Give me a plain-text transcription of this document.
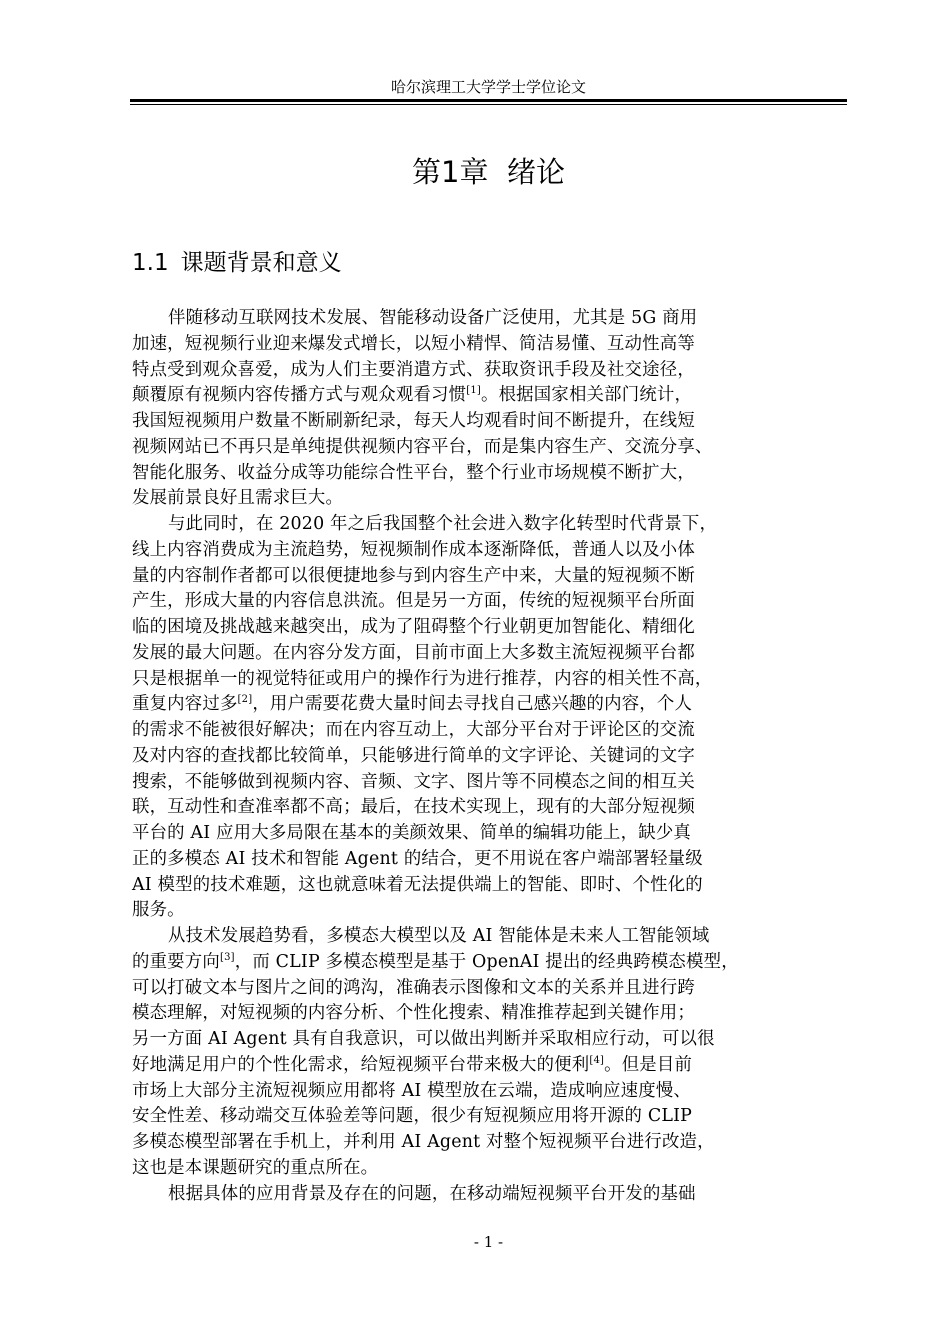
哈尔滨理工大学学士学位论文
第1章 绪论
1.1 课题背景和意义
伴随移动互联网技术发展、智能移动设备广泛使用，尤其是 5G 商用
加速，短视频行业迎来爆发式增长，以短小精悍、简洁易懂、互动性高等
特点受到观众喜爱，成为人们主要消遣方式、获取资讯手段及社交途径，
颠覆原有视频内容传播方式与观众观看习惯[1]。根据国家相关部门统计，
我国短视频用户数量不断刷新纪录，每天人均观看时间不断提升，在线短
视频网站已不再只是单纯提供视频内容平台，而是集内容生产、交流分享、
智能化服务、收益分成等功能综合性平台，整个行业市场规模不断扩大，
发展前景良好且需求巨大。
与此同时，在 2020 年之后我国整个社会进入数字化转型时代背景下，
线上内容消费成为主流趋势，短视频制作成本逐渐降低，普通人以及小体
量的内容制作者都可以很便捷地参与到内容生产中来，大量的短视频不断
产生，形成大量的内容信息洪流。但是另一方面，传统的短视频平台所面
临的困境及挑战越来越突出，成为了阻碍整个行业朝更加智能化、精细化
发展的最大问题。在内容分发方面，目前市面上大多数主流短视频平台都
只是根据单一的视觉特征或用户的操作行为进行推荐，内容的相关性不高，
重复内容过多[2]，用户需要花费大量时间去寻找自己感兴趣的内容，个人
的需求不能被很好解决；而在内容互动上，大部分平台对于评论区的交流
及对内容的查找都比较简单，只能够进行简单的文字评论、关键词的文字
搜索，不能够做到视频内容、音频、文字、图片等不同模态之间的相互关
联，互动性和查准率都不高；最后，在技术实现上，现有的大部分短视频
平台的 AI 应用大多局限在基本的美颜效果、简单的编辑功能上，缺少真
正的多模态 AI 技术和智能 Agent 的结合，更不用说在客户端部署轻量级
AI 模型的技术难题，这也就意味着无法提供端上的智能、即时、个性化的
服务。
从技术发展趋势看，多模态大模型以及 AI 智能体是未来人工智能领域
的重要方向[3]，而 CLIP 多模态模型是基于 OpenAI 提出的经典跨模态模型，
可以打破文本与图片之间的鸿沟，准确表示图像和文本的关系并且进行跨
模态理解，对短视频的内容分析、个性化搜索、精准推荐起到关键作用；
另一方面 AI Agent 具有自我意识，可以做出判断并采取相应行动，可以很
好地满足用户的个性化需求，给短视频平台带来极大的便利[4]。但是目前
市场上大部分主流短视频应用都将 AI 模型放在云端，造成响应速度慢、
安全性差、移动端交互体验差等问题，很少有短视频应用将开源的 CLIP
多模态模型部署在手机上，并利用 AI Agent 对整个短视频平台进行改造，
这也是本课题研究的重点所在。
根据具体的应用背景及存在的问题，在移动端短视频平台开发的基础
- 1 -
